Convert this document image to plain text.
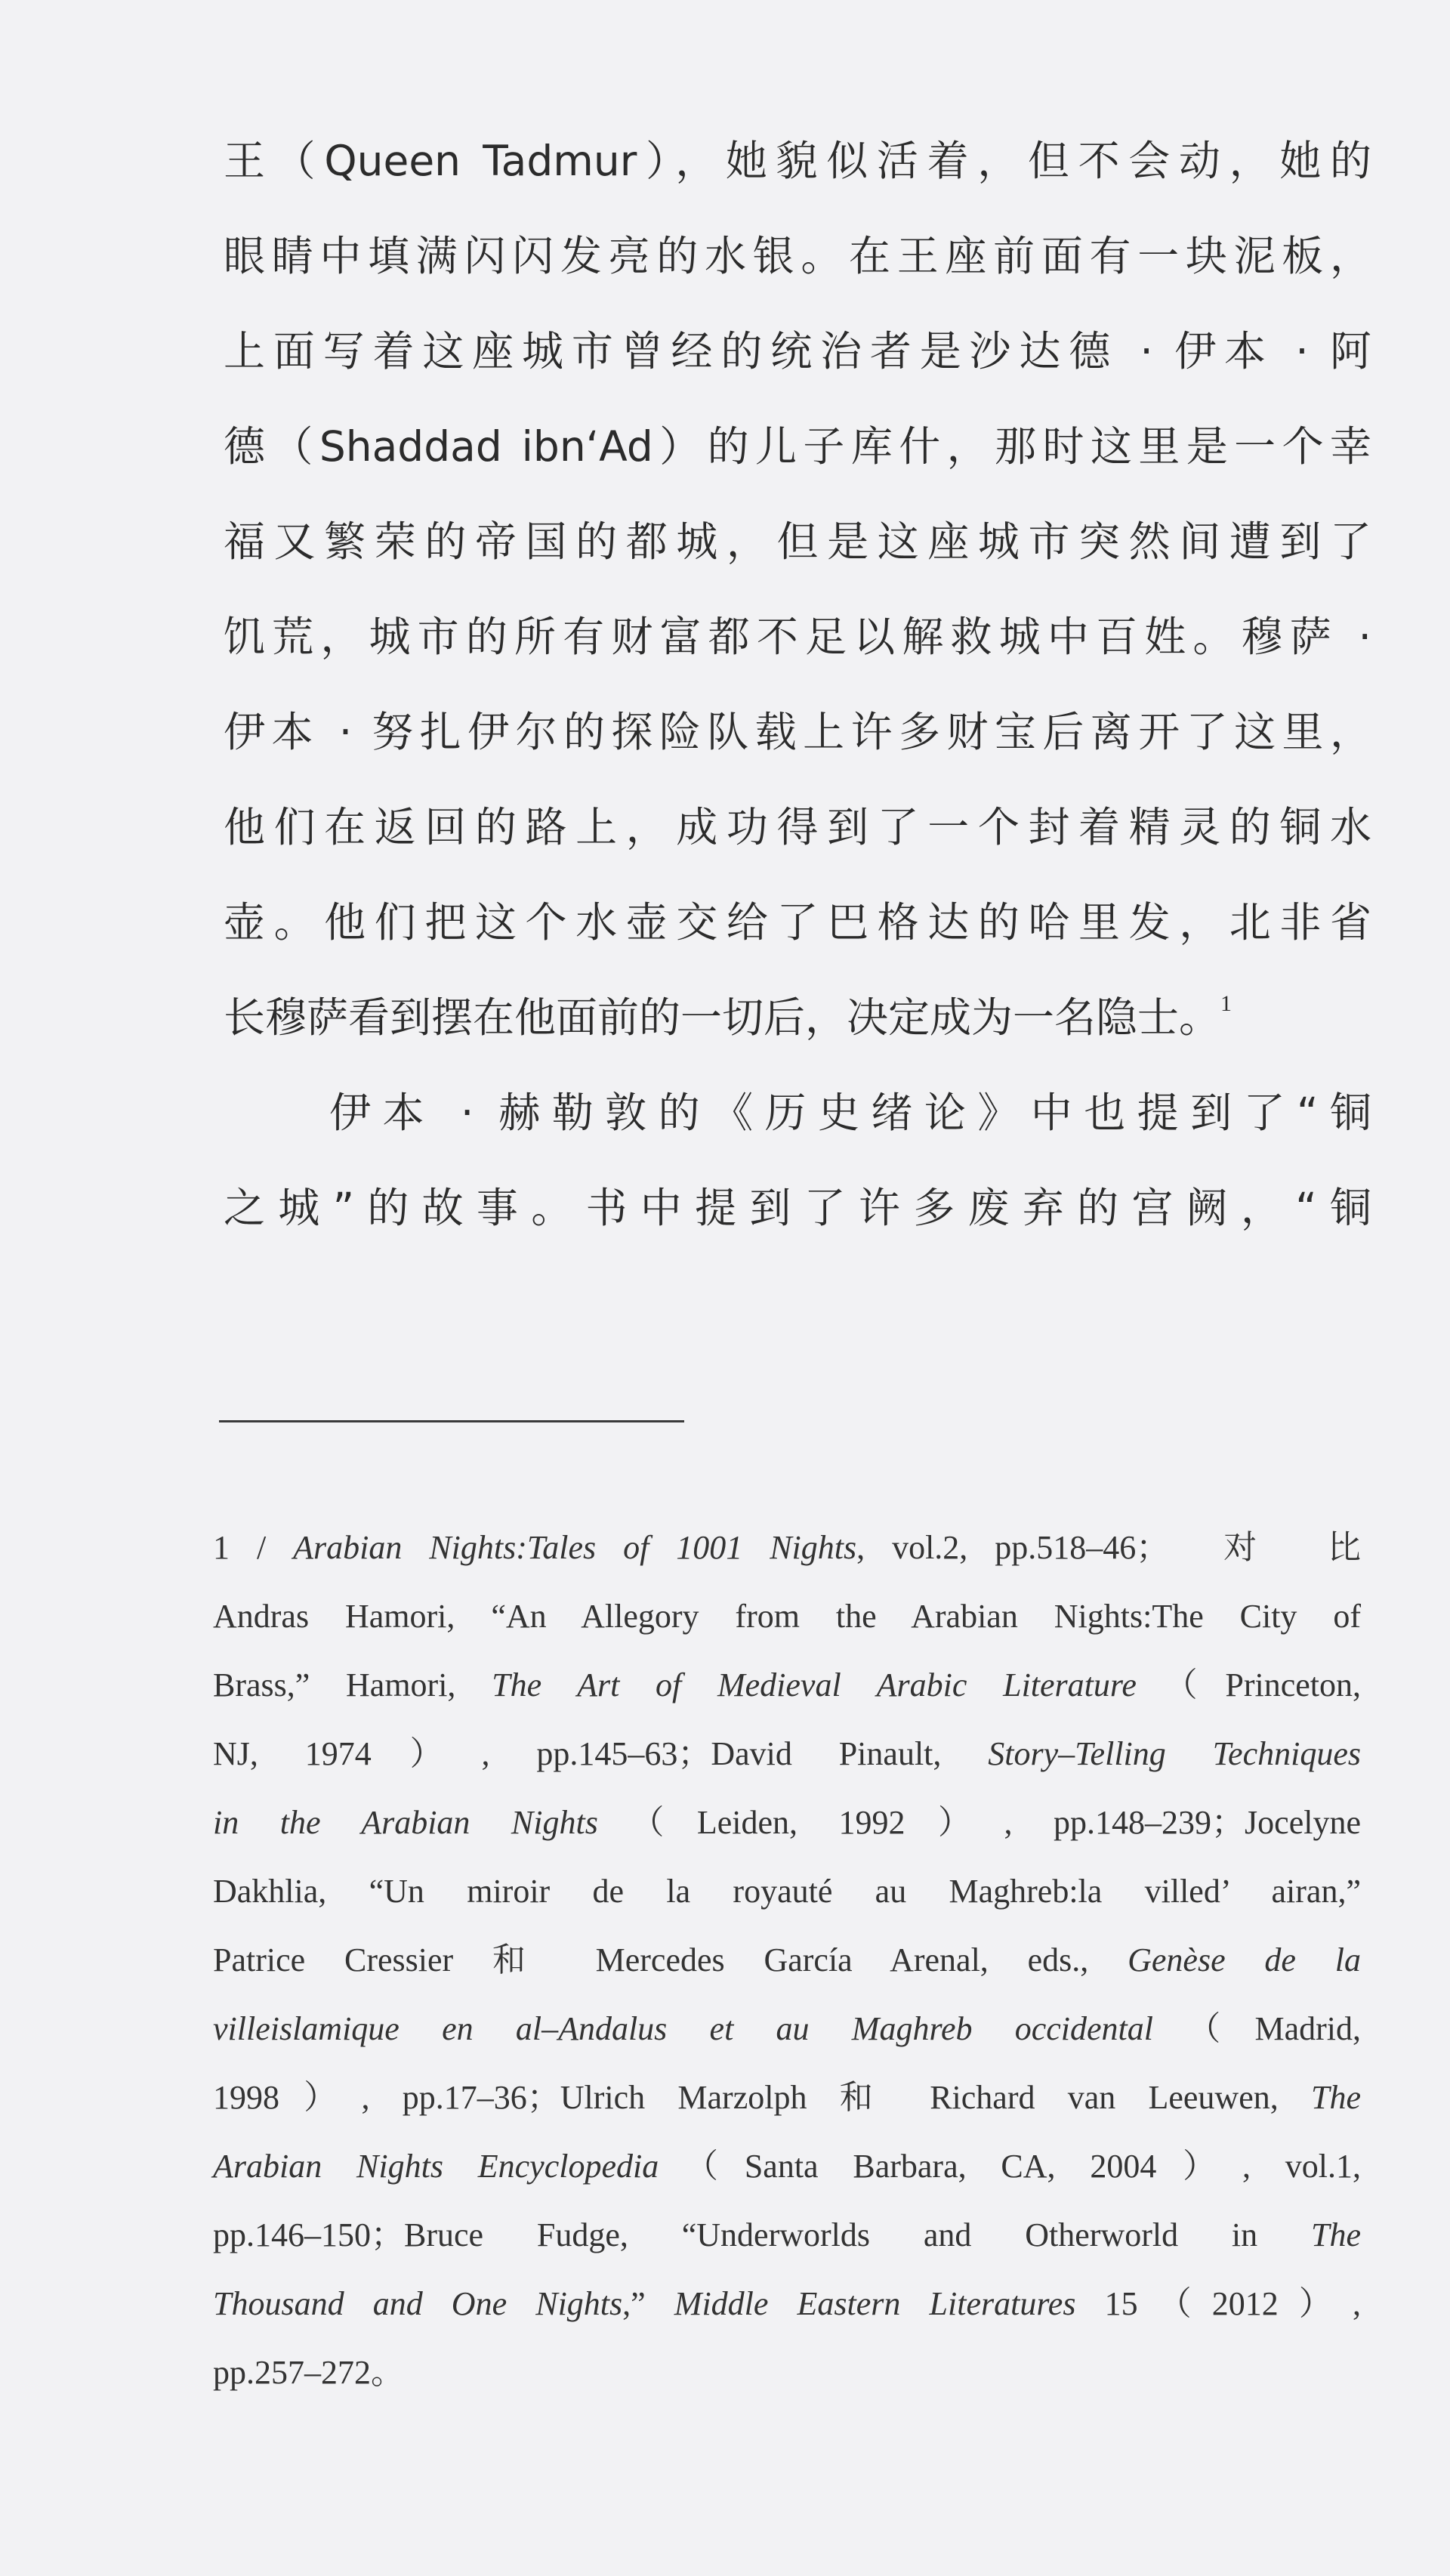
王（Queen Tadmur），她貌似活着，但不会动，她的
眼睛中填满闪闪发亮的水银。在王座前面有一块泥板，
上面写着这座城市曾经的统治者是沙达德 · 伊本 · 阿
德（Shaddad ibn‘Ad）的儿子库什，那时这里是一个幸
福又繁荣的帝国的都城，但是这座城市突然间遭到了
饥荒，城市的所有财富都不足以解救城中百姓。穆萨 ·
伊本 · 努扎伊尔的探险队载上许多财宝后离开了这里，
他们在返回的路上，成功得到了一个封着精灵的铜水
壶。他们把这个水壶交给了巴格达的哈里发，北非省
长穆萨看到摆在他面前的一切后，决定成为一名隐士。$^1$
伊本 · 赫勒敦的《历史绪论》中也提到了“铜
之城”的故事。书中提到了许多废弃的宫阙，“铜
1 / Arabian Nights:Tales of 1001 Nights, vol.2, pp.518–46；　对　比
Andras Hamori, “An Allegory from the Arabian Nights:The City of
Brass,” Hamori, The Art of Medieval Arabic Literature（Princeton,
NJ, 1974）, pp.145–63；David Pinault, Story–Telling Techniques
in the Arabian Nights（Leiden, 1992）, pp.148–239；Jocelyne
Dakhlia, “Un miroir de la royauté au Maghreb:la villed’ airan,”
Patrice Cressier 和 Mercedes García Arenal, eds., Genèse de la
villeislamique en al–Andalus et au Maghreb occidental（Madrid,
1998）, pp.17–36；Ulrich Marzolph 和 Richard van Leeuwen, The
Arabian Nights Encyclopedia（Santa Barbara, CA, 2004）, vol.1,
pp.146–150；Bruce Fudge, “Underworlds and Otherworld in The
Thousand and One Nights,” Middle Eastern Literatures 15（2012）,
pp.257–272。
